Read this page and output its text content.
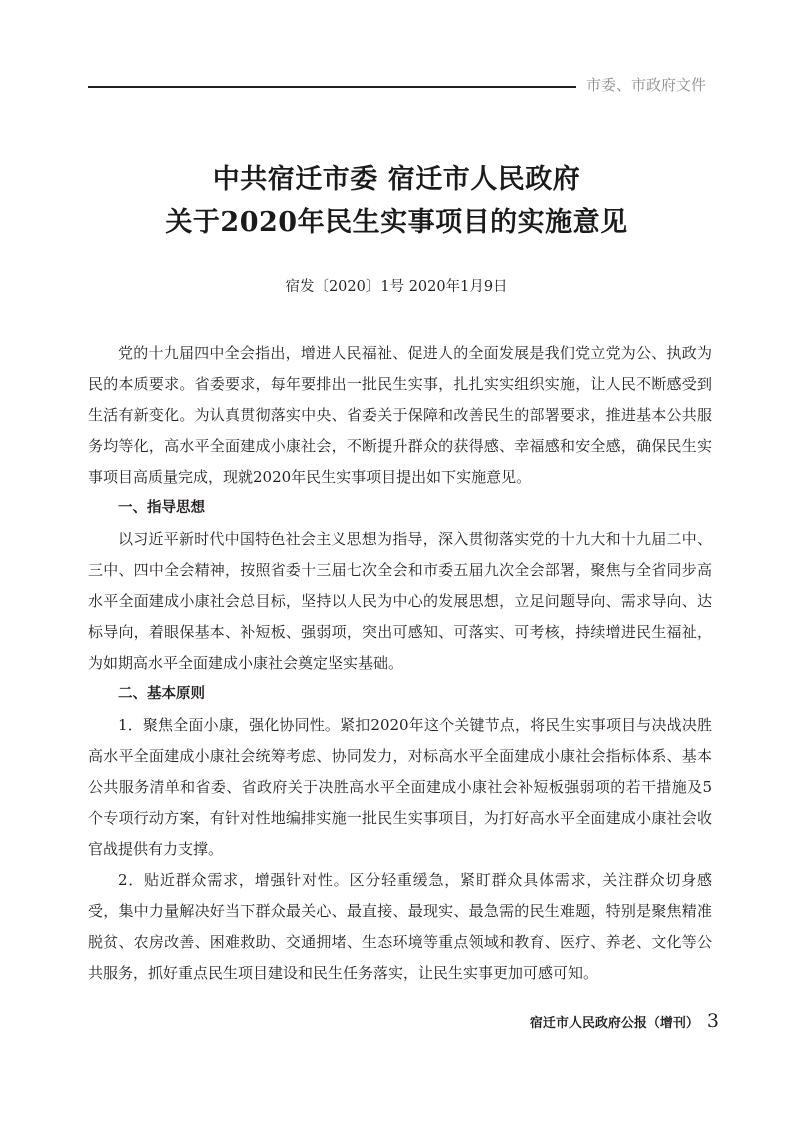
市委、市政府文件
中共宿迁市委 宿迁市人民政府
关于2020年民生实事项目的实施意见
宿发〔2020〕1号 2020年1月9日

党的十九届四中全会指出，增进人民福祉、促进人的全面发展是我们党立党为公、执政为民的本质要求。省委要求，每年要排出一批民生实事，扎扎实实组织实施，让人民不断感受到生活有新变化。为认真贯彻落实中央、省委关于保障和改善民生的部署要求，推进基本公共服务均等化，高水平全面建成小康社会，不断提升群众的获得感、幸福感和安全感，确保民生实事项目高质量完成，现就2020年民生实事项目提出如下实施意见。

一、指导思想

以习近平新时代中国特色社会主义思想为指导，深入贯彻落实党的十九大和十九届二中、三中、四中全会精神，按照省委十三届七次全会和市委五届九次全会部署，聚焦与全省同步高水平全面建成小康社会总目标，坚持以人民为中心的发展思想，立足问题导向、需求导向、达标导向，着眼保基本、补短板、强弱项，突出可感知、可落实、可考核，持续增进民生福祉，为如期高水平全面建成小康社会奠定坚实基础。

二、基本原则

1．聚焦全面小康，强化协同性。紧扣2020年这个关键节点，将民生实事项目与决战决胜高水平全面建成小康社会统筹考虑、协同发力，对标高水平全面建成小康社会指标体系、基本公共服务清单和省委、省政府关于决胜高水平全面建成小康社会补短板强弱项的若干措施及5个专项行动方案，有针对性地编排实施一批民生实事项目，为打好高水平全面建成小康社会收官战提供有力支撑。

2．贴近群众需求，增强针对性。区分轻重缓急，紧盯群众具体需求，关注群众切身感受，集中力量解决好当下群众最关心、最直接、最现实、最急需的民生难题，特别是聚焦精准脱贫、农房改善、困难救助、交通拥堵、生态环境等重点领域和教育、医疗、养老、文化等公共服务，抓好重点民生项目建设和民生任务落实，让民生实事更加可感可知。

宿迁市人民政府公报（增刊） 3
